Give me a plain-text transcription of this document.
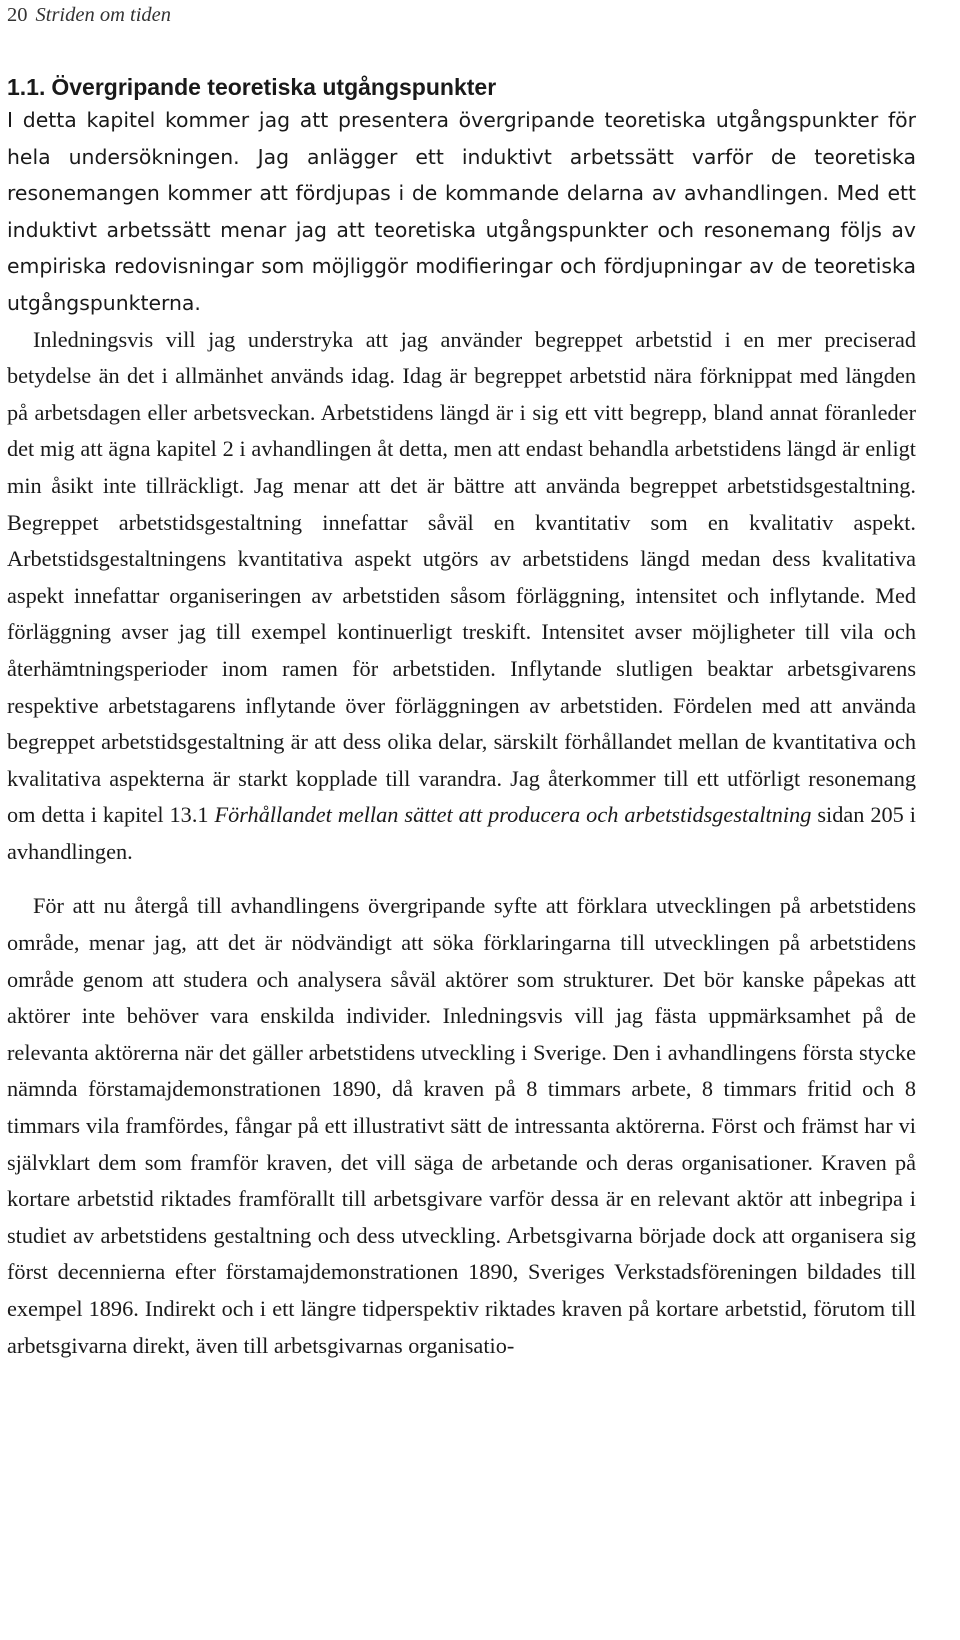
20 Striden om tiden
1.1. Övergripande teoretiska utgångspunkter

I detta kapitel kommer jag att presentera övergripande teoretiska utgångspunkter för hela undersökningen. Jag anlägger ett induktivt arbetssätt varför de teoretiska resonemangen kommer att fördjupas i de kommande delarna av avhandlingen. Med ett induktivt arbetssätt menar jag att teoretiska utgångspunkter och resonemang följs av empiriska redovisningar som möjliggör modifieringar och fördjupningar av de teoretiska utgångspunkterna.

Inledningsvis vill jag understryka att jag använder begreppet arbetstid i en mer preciserad betydelse än det i allmänhet används idag. Idag är begreppet arbetstid nära förknippat med längden på arbetsdagen eller arbetsveckan. Arbetstidens längd är i sig ett vitt begrepp, bland annat föranleder det mig att ägna kapitel 2 i avhandlingen åt detta, men att endast behandla arbetstidens längd är enligt min åsikt inte tillräckligt. Jag menar att det är bättre att använda begreppet arbetstidsgestaltning. Begreppet arbetstidsgestaltning innefattar såväl en kvantitativ som en kvalitativ aspekt. Arbetstidsgestaltningens kvantitativa aspekt utgörs av arbetstidens längd medan dess kvalitativa aspekt innefattar organiseringen av arbetstiden såsom förläggning, intensitet och inflytande. Med förläggning avser jag till exempel kontinuerligt treskift. Intensitet avser möjligheter till vila och återhämtningsperioder inom ramen för arbetstiden. Inflytande slutligen beaktar arbetsgivarens respektive arbetstagarens inflytande över förläggningen av arbetstiden. Fördelen med att använda begreppet arbetstidsgestaltning är att dess olika delar, särskilt förhållandet mellan de kvantitativa och kvalitativa aspekterna är starkt kopplade till varandra. Jag återkommer till ett utförligt resonemang om detta i kapitel 13.1 Förhållandet mellan sättet att producera och arbetstidsgestaltning sidan 205 i avhandlingen.

För att nu återgå till avhandlingens övergripande syfte att förklara utvecklingen på arbetstidens område, menar jag, att det är nödvändigt att söka förklaringarna till utvecklingen på arbetstidens område genom att studera och analysera såväl aktörer som strukturer. Det bör kanske påpekas att aktörer inte behöver vara enskilda individer. Inledningsvis vill jag fästa uppmärksamhet på de relevanta aktörerna när det gäller arbetstidens utveckling i Sverige. Den i avhandlingens första stycke nämnda förstamajdemonstrationen 1890, då kraven på 8 timmars arbete, 8 timmars fritid och 8 timmars vila framfördes, fångar på ett illustrativt sätt de intressanta aktörerna. Först och främst har vi självklart dem som framför kraven, det vill säga de arbetande och deras organisationer. Kraven på kortare arbetstid riktades framförallt till arbetsgivare varför dessa är en relevant aktör att inbegripa i studiet av arbetstidens gestaltning och dess utveckling. Arbetsgivarna började dock att organisera sig först decennierna efter förstamajdemonstrationen 1890, Sveriges Verkstadsföreningen bildades till exempel 1896. Indirekt och i ett längre tidperspektiv riktades kraven på kortare arbetstid, förutom till arbetsgivarna direkt, även till arbetsgivarnas organisatio-
